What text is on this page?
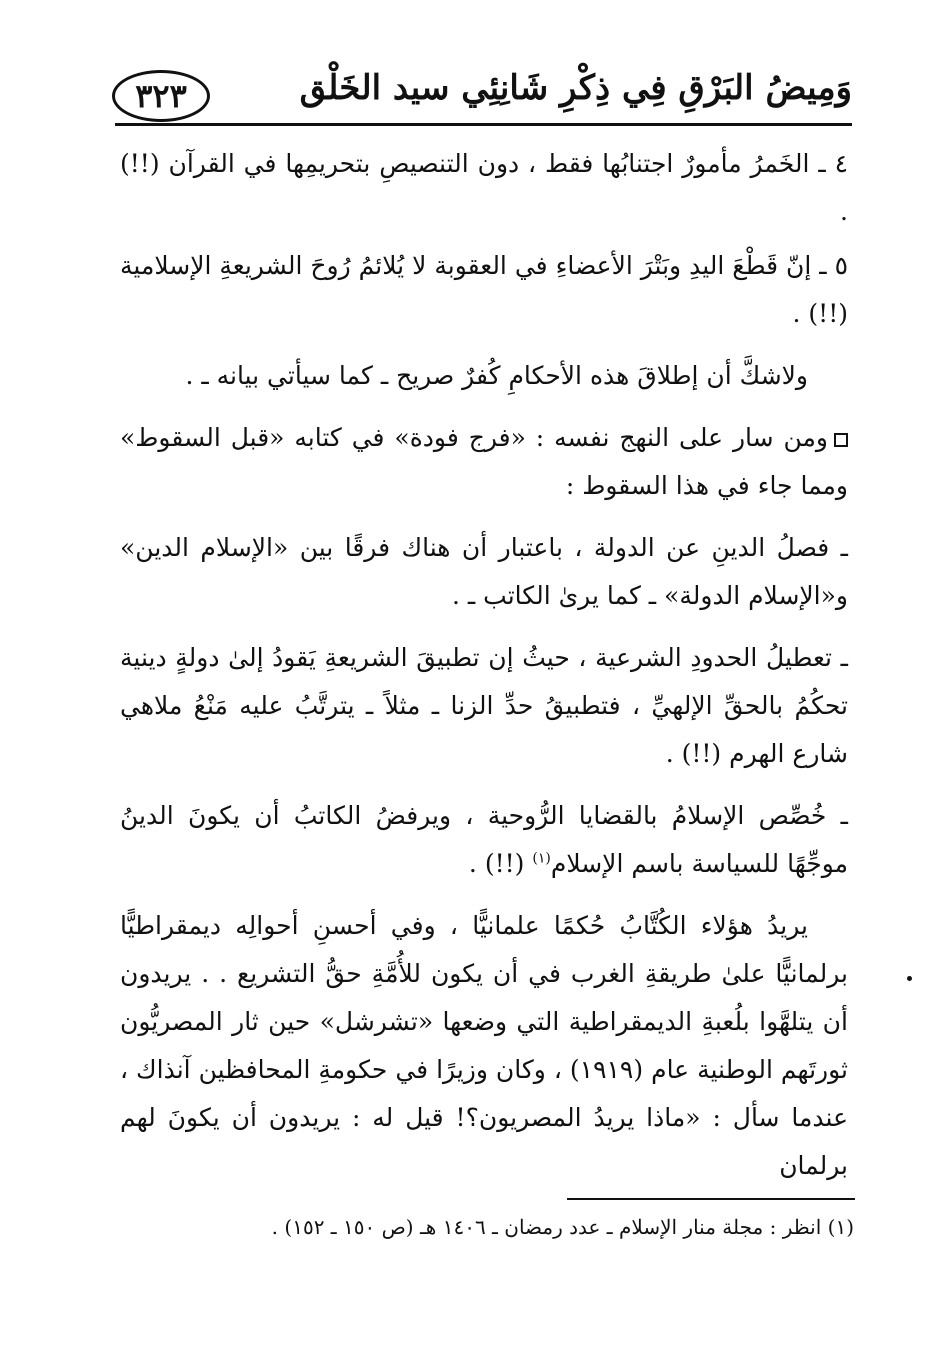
وَمِيضُ البَرْقِ فِي ذِكْرِ شَانِئِي سيد الخَلْق
٣٢٣

٤ ـ الخَمرُ مأمورٌ اجتنابُها فقط ، دون التنصيصِ بتحريمِها في القرآن (!!) .

٥ ـ إنّ قَطْعَ اليدِ وبَتْرَ الأعضاءِ في العقوبة لا يُلائمُ رُوحَ الشريعةِ الإسلامية (!!) .

ولاشكَّ أن إطلاقَ هذه الأحكامِ كُفرٌ صريح ـ كما سيأتي بيانه ـ .

ومن سار على النهج نفسه : «فرج فودة» في كتابه «قبل السقوط» ومما جاء في هذا السقوط :

ـ فصلُ الدينِ عن الدولة ، باعتبار أن هناك فرقًا بين «الإسلام الدين» و«الإسلام الدولة» ـ كما يرىٰ الكاتب ـ .

ـ تعطيلُ الحدودِ الشرعية ، حيثُ إن تطبيقَ الشريعةِ يَقودُ إلىٰ دولةٍ دينية تحكُمُ بالحقِّ الإلهيِّ ، فتطبيقُ حدِّ الزنا ـ مثلاً ـ يترتَّبُ عليه مَنْعُ ملاهي شارع الهرم (!!) .

ـ خُصِّص الإسلامُ بالقضايا الرُّوحية ، ويرفضُ الكاتبُ أن يكونَ الدينُ موجِّهًا للسياسة باسم الإسلام$^{(١)}$ (!!) .

يريدُ هؤلاء الكُتَّابُ حُكمًا علمانيًّا ، وفي أحسنِ أحوالِه ديمقراطيًّا برلمانيًّا علىٰ طريقةِ الغرب في أن يكون للأُمَّةِ حقُّ التشريع . . يريدون أن يتلهَّوا بلُعبةِ الديمقراطية التي وضعها «تشرشل» حين ثار المصريُّون ثورتَهم الوطنية عام (١٩١٩) ، وكان وزيرًا في حكومةِ المحافظين آنذاك ، عندما سأل : «ماذا يريدُ المصريون؟! قيل له : يريدون أن يكونَ لهم برلمان

(١) انظر : مجلة منار الإسلام ـ عدد رمضان ـ ١٤٠٦ هـ (ص ١٥٠ ـ ١٥٢) .
